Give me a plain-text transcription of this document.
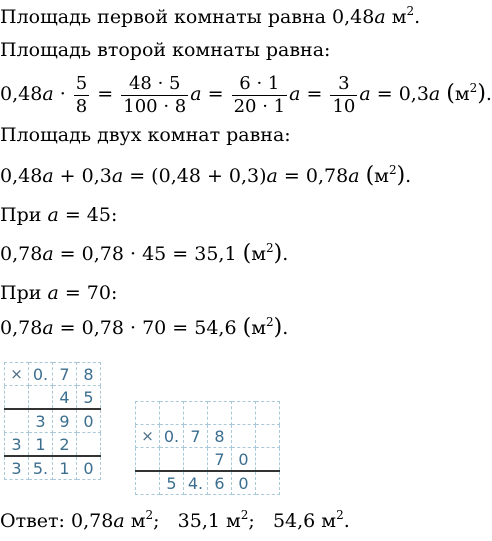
Площадь первой комнаты равна 0,48a $м^2$.
Площадь второй комнаты равна:
$0,48a \cdot \frac{5}{8} = \frac{48 \cdot 5}{100 \cdot 8}$ $a = \frac{6 \cdot 1}{20 \cdot 1}$ $a = \frac{3}{10}$ a = 0,3a $(м^2)$.
Площадь двух комнат равна:
0,48a + 0,3a = (0,48 + 0,3)a = 0,78a $(м^2)$.
При a = 45:
0,78a = 0,78 · 45 = 35,1 $(м^2)$.
При a = 70:
0,78a = 0,78 · 70 = 54,6 $(м^2)$.
×	0.	7	8
		4	5
	3	9	0
3	1	2	
3	5.	1	0

×	0.	7	8		
			7	0	
	5	4.	6	0	
Ответ: 0,78a $м^2$;   35,1 $м^2$;   54,6 $м^2$.
